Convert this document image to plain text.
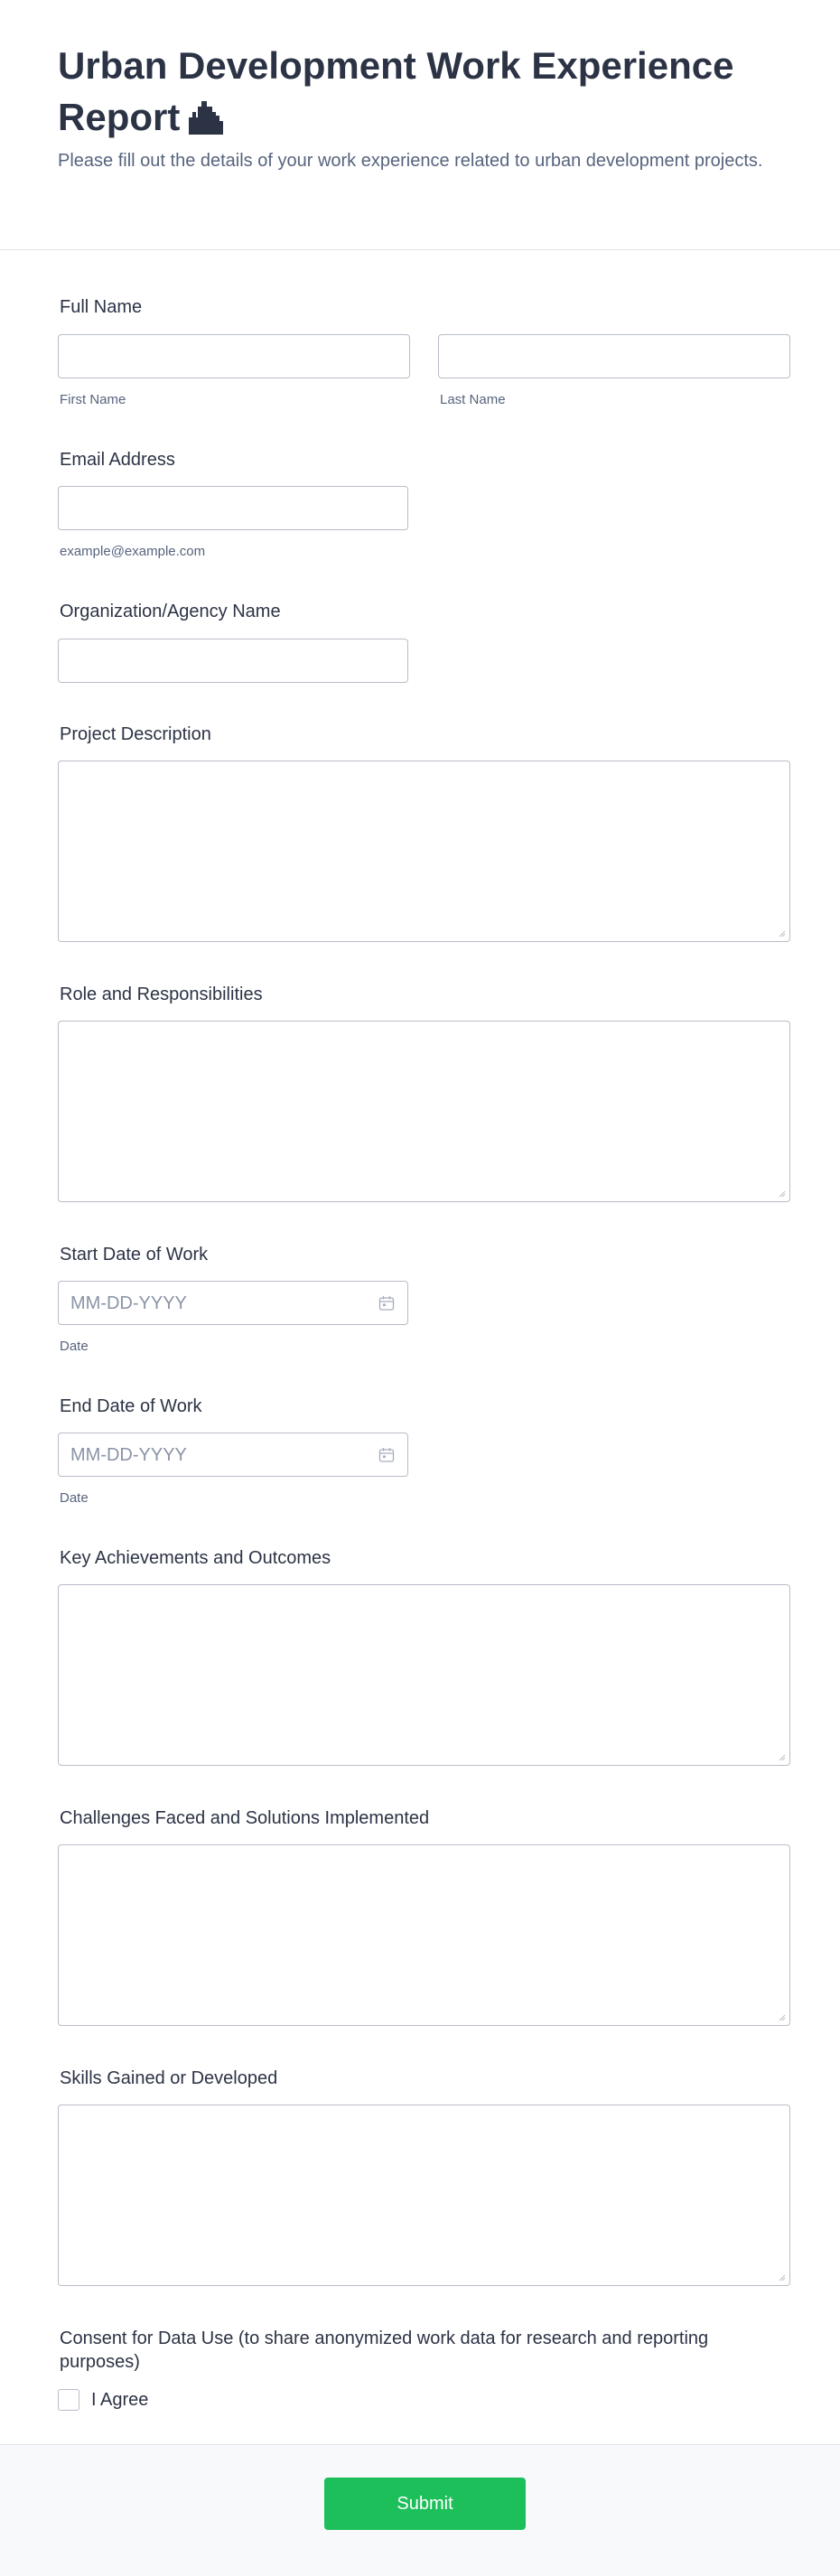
Urban Development Work Experience Report

Please fill out the details of your work experience related to urban development projects.

Full Name

First Name	Last Name

Email Address

example@example.com

Organization/Agency Name

Project Description

Role and Responsibilities

Start Date of Work

MM-DD-YYYY

Date

End Date of Work

MM-DD-YYYY

Date

Key Achievements and Outcomes

Challenges Faced and Solutions Implemented

Skills Gained or Developed

Consent for Data Use (to share anonymized work data for research and reporting purposes)

I Agree
Submit
